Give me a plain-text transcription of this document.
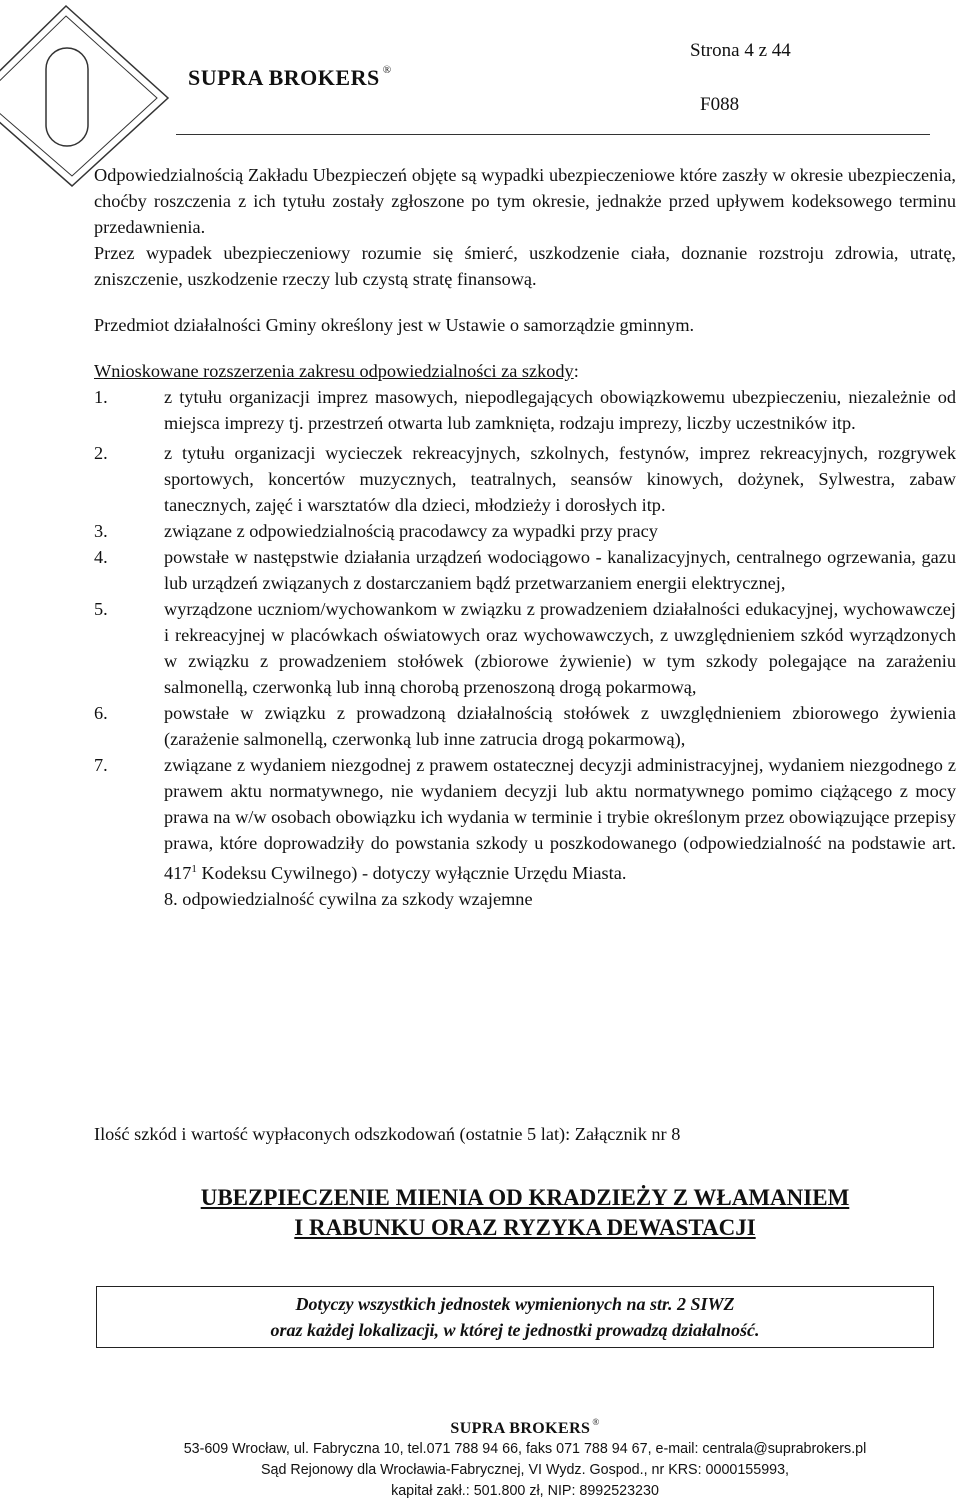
SUPRA BROKERS ®
Strona 4 z 44
F088

Odpowiedzialnością Zakładu Ubezpieczeń objęte są wypadki ubezpieczeniowe które zaszły w okresie ubezpieczenia, choćby roszczenia z ich tytułu zostały zgłoszone po tym okresie, jednakże przed upływem kodeksowego terminu przedawnienia.

Przez wypadek ubezpieczeniowy rozumie się śmierć, uszkodzenie ciała, doznanie rozstroju zdrowia, utratę, zniszczenie, uszkodzenie rzeczy lub czystą stratę finansową.

Przedmiot działalności Gminy określony jest w Ustawie o samorządzie gminnym.

Wnioskowane rozszerzenia zakresu odpowiedzialności za szkody:

1.	z tytułu organizacji imprez masowych, niepodlegających obowiązkowemu ubezpieczeniu, niezależnie od miejsca imprezy tj. przestrzeń otwarta lub zamknięta, rodzaju imprezy, liczby uczestników itp.
2.	z tytułu organizacji wycieczek rekreacyjnych, szkolnych, festynów, imprez rekreacyjnych, rozgrywek sportowych, koncertów muzycznych, teatralnych, seansów kinowych, dożynek, Sylwestra, zabaw tanecznych, zajęć i warsztatów dla dzieci, młodzieży i dorosłych itp.
3.	związane z odpowiedzialnością pracodawcy za wypadki przy pracy
4.	powstałe w następstwie działania urządzeń wodociągowo - kanalizacyjnych, centralnego ogrzewania, gazu lub urządzeń związanych z dostarczaniem bądź przetwarzaniem energii elektrycznej,
5.	wyrządzone uczniom/wychowankom w związku z prowadzeniem działalności edukacyjnej, wychowawczej i rekreacyjnej w placówkach oświatowych oraz wychowawczych, z uwzględnieniem szkód wyrządzonych w związku z prowadzeniem stołówek (zbiorowe żywienie) w tym szkody polegające na zarażeniu salmonellą, czerwonką lub inną chorobą przenoszoną drogą pokarmową,
6.	powstałe w związku z prowadzoną działalnością stołówek z uwzględnieniem zbiorowego żywienia (zarażenie salmonellą, czerwonką lub inne zatrucia drogą pokarmową),
7.	związane z wydaniem niezgodnej z prawem ostatecznej decyzji administracyjnej, wydaniem niezgodnego z prawem aktu normatywnego, nie wydaniem decyzji lub aktu normatywnego pomimo ciążącego z mocy prawa na w/w osobach obowiązku ich wydania w terminie i trybie określonym przez obowiązujące przepisy prawa, które doprowadziły do powstania szkody u poszkodowanego (odpowiedzialność na podstawie art. $417^1$ Kodeksu Cywilnego) - dotyczy wyłącznie Urzędu Miasta.
8. odpowiedzialność cywilna za szkody wzajemne
Ilość szkód i wartość wypłaconych odszkodowań (ostatnie 5 lat): Załącznik nr 8
UBEZPIECZENIE MIENIA OD KRADZIEŻY Z WŁAMANIEM
I RABUNKU ORAZ RYZYKA DEWASTACJI
Dotyczy wszystkich jednostek wymienionych na str. 2 SIWZ
oraz każdej lokalizacji, w której te jednostki prowadzą działalność.
SUPRA BROKERS ®
53-609 Wrocław, ul. Fabryczna 10, tel.071 788 94 66, faks 071 788 94 67, e-mail: centrala@suprabrokers.pl
Sąd Rejonowy dla Wrocławia-Fabrycznej, VI Wydz. Gospod., nr KRS: 0000155993,
kapitał zakł.: 501.800 zł, NIP: 8992523230
